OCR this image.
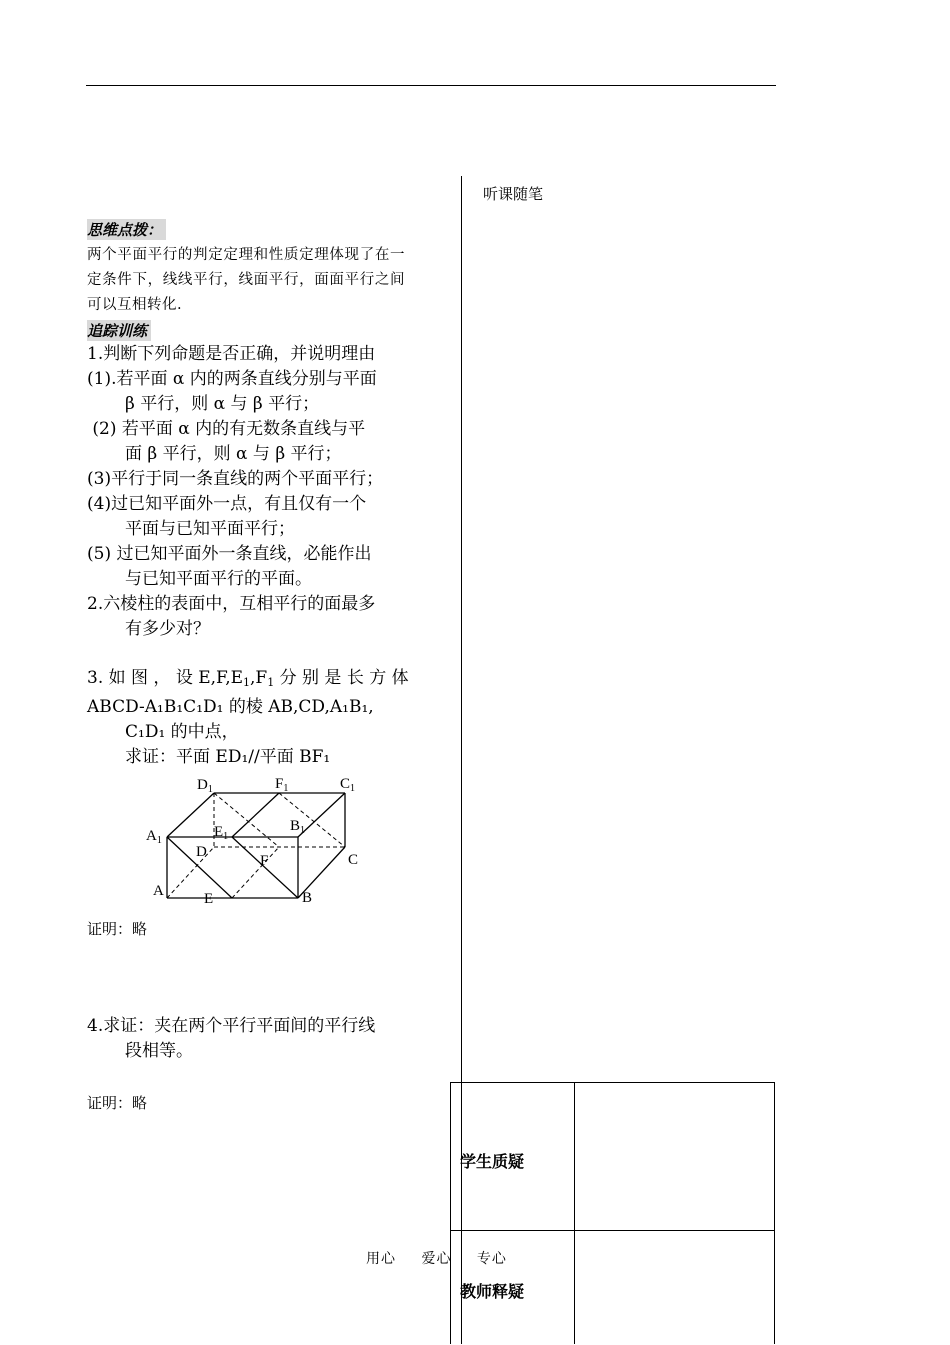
听课随笔
思维点拨：
两个平面平行的判定定理和性质定理体现了在一定条件下，线线平行，线面平行，面面平行之间可以互相转化.
追踪训练
1.判断下列命题是否正确，并说明理由
(1).若平面 α 内的两条直线分别与平面
β 平行，则 α 与 β 平行；
(2) 若平面 α 内的有无数条直线与平
面 β 平行，则 α 与 β 平行；
(3)平行于同一条直线的两个平面平行；
(4)过已知平面外一点，有且仅有一个
平面与已知平面平行；
(5) 过已知平面外一条直线，必能作出
与已知平面平行的平面。
2.六棱柱的表面中，互相平行的面最多
有多少对？
3. 如 图 ， 设 $E,F,E_1,F_1$ 分 别 是 长 方 体
ABCD-A₁B₁C₁D₁ 的棱 AB,CD,A₁B₁,
C₁D₁ 的中点，
求证：平面 ED₁//平面 BF₁
$D_1$	$F_1$	$C_1$
$A_1$
$E_1$
$B_1$
D
F	C
A	E	B
证明：略
4.求证：夹在两个平行平面间的平行线
段相等。
证明：略
学生质疑
教师释疑
用心 爱心 专心
